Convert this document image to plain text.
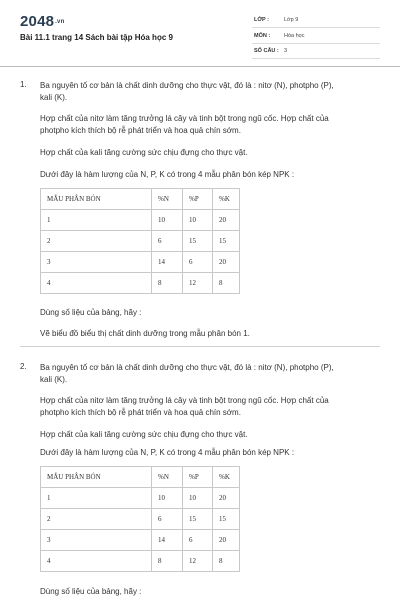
2048.vn
Bài 11.1 trang 14 Sách bài tập Hóa học 9
LỚP :	Lớp 9
MÔN :	Hóa học
SỐ CÂU : 3
1. Ba nguyên tố cơ bản là chất dinh dưỡng cho thực vật, đó là : nitơ (N), photpho (P),
kali (K).
Hợp chất của nitơ làm tăng trưởng lá cây và tinh bột trong ngũ cốc. Hợp chất của
photpho kích thích bộ rễ phát triển và hoa quả chín sớm.
Hợp chất của kali tăng cường sức chịu đựng cho thực vật.
Dưới đây là hàm lượng của N, P, K có trong 4 mẫu phân bón kép NPK :
MẪU PHÂN BÓN	%N	%P	%K
1	10	10	20
2	6	15	15
3	14	6	20
4	8	12	8
Dùng số liệu của bảng, hãy :
Vẽ biểu đồ biểu thị chất dinh dưỡng trong mẫu phân bón 1.
2. Ba nguyên tố cơ bản là chất dinh dưỡng cho thực vật, đó là : nitơ (N), photpho (P),
kali (K).
Hợp chất của nitơ làm tăng trưởng lá cây và tinh bột trong ngũ cốc. Hợp chất của
photpho kích thích bộ rễ phát triển và hoa quả chín sớm.
Hợp chất của kali tăng cường sức chịu đựng cho thực vật.
Dưới đây là hàm lượng của N, P, K có trong 4 mẫu phân bón kép NPK :
MẪU PHÂN BÓN	%N	%P	%K
1	10	10	20
2	6	15	15
3	14	6	20
4	8	12	8
Dùng số liệu của bảng, hãy :
